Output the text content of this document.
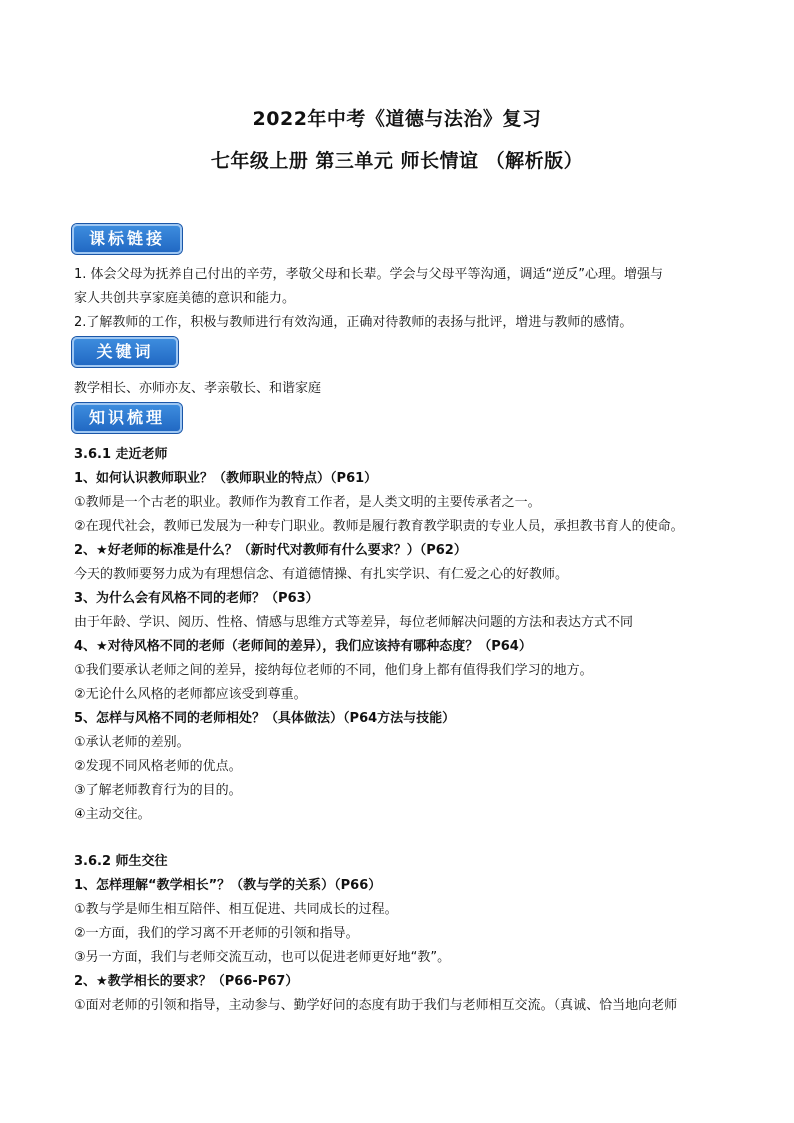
2022年中考《道德与法治》复习
七年级上册 第三单元 师长情谊 （解析版）
课标链接
1. 体会父母为抚养自己付出的辛劳，孝敬父母和长辈。学会与父母平等沟通，调适“逆反”心理。增强与
家人共创共享家庭美德的意识和能力。
2.了解教师的工作，积极与教师进行有效沟通，正确对待教师的表扬与批评，增进与教师的感情。
关键词
教学相长、亦师亦友、孝亲敬长、和谐家庭
知识梳理
3.6.1 走近老师
1、如何认识教师职业？（教师职业的特点）（P61）
①教师是一个古老的职业。教师作为教育工作者，是人类文明的主要传承者之一。
②在现代社会，教师已发展为一种专门职业。教师是履行教育教学职责的专业人员，承担教书育人的使命。
2、★好老师的标准是什么？（新时代对教师有什么要求？）（P62）
今天的教师要努力成为有理想信念、有道德情操、有扎实学识、有仁爱之心的好教师。
3、为什么会有风格不同的老师？（P63）
由于年龄、学识、阅历、性格、情感与思维方式等差异，每位老师解决问题的方法和表达方式不同
4、★对待风格不同的老师（老师间的差异），我们应该持有哪种态度？（P64）
①我们要承认老师之间的差异，接纳每位老师的不同，他们身上都有值得我们学习的地方。
②无论什么风格的老师都应该受到尊重。
5、怎样与风格不同的老师相处？（具体做法）（P64方法与技能）
①承认老师的差别。
②发现不同风格老师的优点。
③了解老师教育行为的目的。
④主动交往。
3.6.2 师生交往
1、怎样理解“教学相长”？（教与学的关系）（P66）
①教与学是师生相互陪伴、相互促进、共同成长的过程。
②一方面，我们的学习离不开老师的引领和指导。
③另一方面，我们与老师交流互动，也可以促进老师更好地“教”。
2、★教学相长的要求？（P66-P67）
①面对老师的引领和指导，主动参与、勤学好问的态度有助于我们与老师相互交流。（真诚、恰当地向老师
